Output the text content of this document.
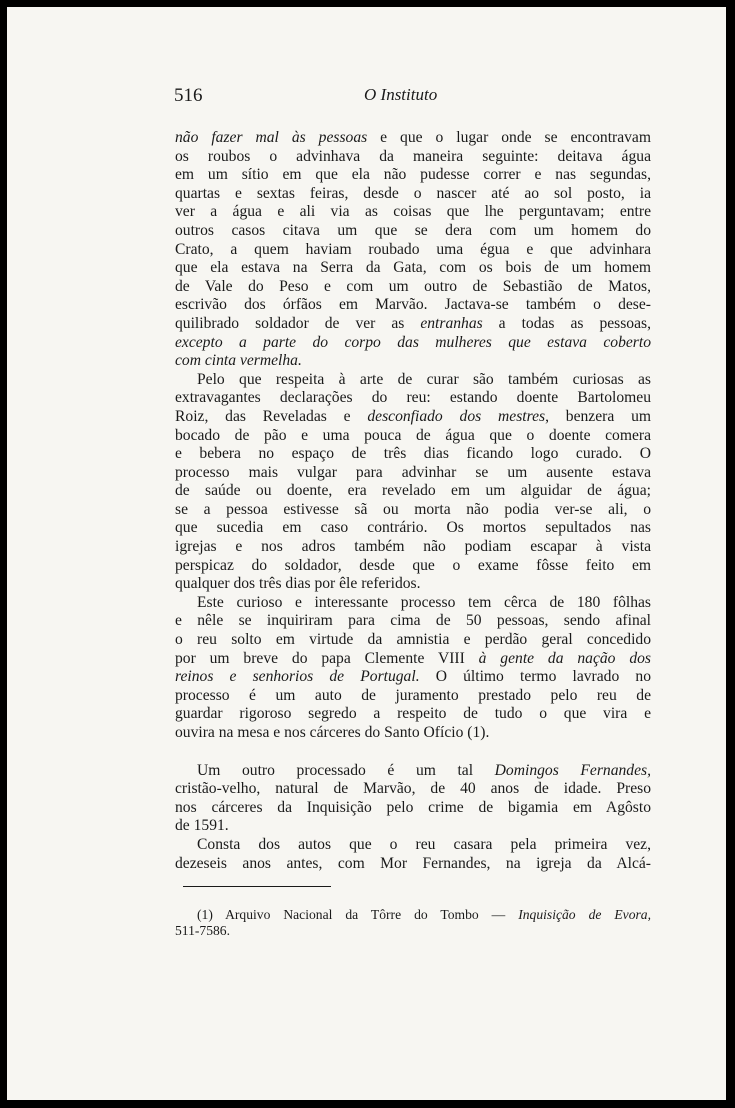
516	O Instituto
não fazer mal às pessoas e que o lugar onde se encontravam
os roubos o advinhava da maneira seguinte: deitava água
em um sítio em que ela não pudesse correr e nas segundas,
quartas e sextas feiras, desde o nascer até ao sol posto, ia
ver a água e ali via as coisas que lhe perguntavam; entre
outros casos citava um que se dera com um homem do
Crato, a quem haviam roubado uma égua e que advinhara
que ela estava na Serra da Gata, com os bois de um homem
de Vale do Peso e com um outro de Sebastião de Matos,
escrivão dos órfãos em Marvão. Jactava-se também o dese-
quilibrado soldador de ver as entranhas a todas as pessoas,
excepto a parte do corpo das mulheres que estava coberto
com cinta vermelha.
Pelo que respeita à arte de curar são também curiosas as
extravagantes declarações do reu: estando doente Bartolomeu
Roiz, das Reveladas e desconfiado dos mestres, benzera um
bocado de pão e uma pouca de água que o doente comera
e bebera no espaço de três dias ficando logo curado. O
processo mais vulgar para advinhar se um ausente estava
de saúde ou doente, era revelado em um alguidar de água;
se a pessoa estivesse sã ou morta não podia ver-se ali, o
que sucedia em caso contrário. Os mortos sepultados nas
igrejas e nos adros também não podiam escapar à vista
perspicaz do soldador, desde que o exame fôsse feito em
qualquer dos três dias por êle referidos.
Este curioso e interessante processo tem cêrca de 180 fôlhas
e nêle se inquiriram para cima de 50 pessoas, sendo afinal
o reu solto em virtude da amnistia e perdão geral concedido
por um breve do papa Clemente VIII à gente da nação dos
reinos e senhorios de Portugal. O último termo lavrado no
processo é um auto de juramento prestado pelo reu de
guardar rigoroso segredo a respeito de tudo o que vira e
ouvira na mesa e nos cárceres do Santo Ofício (1).
Um outro processado é um tal Domingos Fernandes,
cristão-velho, natural de Marvão, de 40 anos de idade. Preso
nos cárceres da Inquisição pelo crime de bigamia em Agôsto
de 1591.
Consta dos autos que o reu casara pela primeira vez,
dezeseis anos antes, com Mor Fernandes, na igreja da Alcá-
(1) Arquivo Nacional da Tôrre do Tombo — Inquisição de Evora,
511-7586.
